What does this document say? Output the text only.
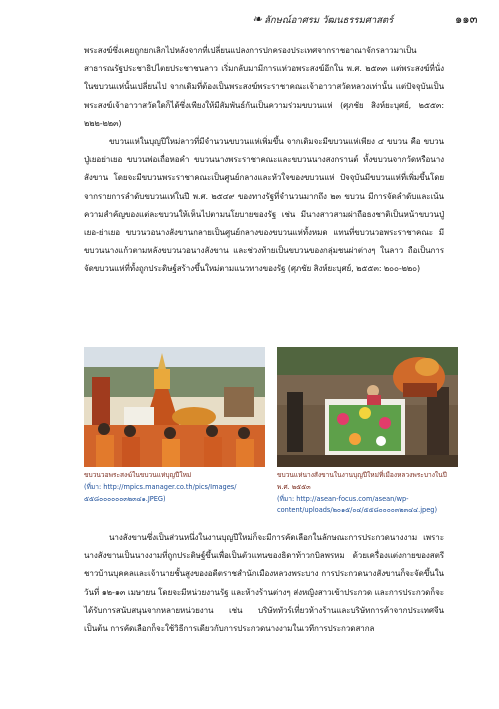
❧ ลักษณ์อาศรม วัฒนธรรมศาสตร์	๑๑๓

พระสงฆ์ซึ่งเคยถูกยกเลิกไปหลังจากที่เปลี่ยนแปลงการปกครองประเทศจากราชอาณาจักรลาวมาเป็นสาธารณรัฐประชาธิปไตยประชาชนลาว เริ่มกลับมามีการแห่วอพระสงฆ์อีกใน พ.ศ. ๒๕๓๓ แต่พระสงฆ์ที่นั่งในขบวนแห่นั้นเปลี่ยนไป จากเดิมที่ต้องเป็นพระสงฆ์พระราชาคณะเจ้าอาวาสวัดหลวงเท่านั้น แต่ปัจจุบันเป็นพระสงฆ์เจ้าอาวาสวัดใดก็ได้ซึ่งเพียงให้มีสัมพันธ์กันเป็นความร่วมขบวนแห่ (ศุภชัย สิงห์ยะบุศย์, ๒๕๕๓: ๒๒๒-๒๒๓)

ขบวนแห่ในบุญปีใหม่ลาวที่มีจำนวนขบวนแห่เพิ่มขึ้น จากเดิมจะมีขบวนแห่เพียง ๔ ขบวน คือ ขบวนปู่เยอย่าเยอ ขบวนพ่อเถื่อหอคำ ขบวนนางพระราชาคณะและขบวนนางสงกรานต์ ทั้งขบวนจากวัดหรือนางสังขาน โดยจะมีขบวนพระราชาคณะเป็นศูนย์กลางและหัวใจของขบวนแห่ ปัจจุบันมีขบวนแห่ที่เพิ่มขึ้นโดยจากรายการลำดับขบวนแห่ในปี พ.ศ. ๒๕๔๙ ของทางรัฐที่จำนวนมากถึง ๒๓ ขบวน มีการจัดลำดับและเน้นความสำคัญของแต่ละขบวนให้เห็นไปตามนโยบายของรัฐ เช่น มีนางสาวสามผ่าถือธงชาติเป็นหน้าขบวนปู่เยอ-ย่าเยอ ขบวนวอนางสังขานกลายเป็นศูนย์กลางของขบวนแห่ทั้งหมด แทนที่ขบวนวอพระราชาคณะ มีขบวนนางแก้วตามหลังขบวนวอนางสังขาน และช่วงท้ายเป็นขบวนของกลุ่มชนผ่าต่างๆ ในลาว ถือเป็นการจัดขบวนแห่ที่ทั้งถูกประดิษฐ์สร้างขึ้นใหม่ตามแนวทางของรัฐ (ศุภชัย สิงห์ยะบุศย์, ๒๕๕๓: ๒๐๐-๒๒๐)

ขบวนวอพระสงฆ์ในขบวนแห่บุญปีใหม่
(ที่มา: http://mpics.manager.co.th/pics/Images/๕๕๘๐๐๐๐๐๐๓๒๓๔๑.JPEG)
ขบวนแห่นางสังขานในงานบุญปีใหม่ที่เมืองหลวงพระบางในปี พ.ศ. ๒๕๕๓
(ที่มา: http://asean-focus.com/asean/wp-content/uploads/๒๐๑๕/๐๔/๕๕๘๐๐๐๐๓๒๓๔๔.jpeg)

นางสังขานซึ่งเป็นส่วนหนึ่งในงานบุญปีใหม่ก็จะมีการคัดเลือกในลักษณะการประกวดนางงาม เพราะนางสังขานเป็นนางงามที่ถูกประดิษฐ์ขึ้นเพื่อเป็นตัวแทนของธิดาท้าวกบิลพรหม ด้วยเครื่องแต่งกายของสตรีชาวบ้านบุคคลและเจ้านายชั้นสูงของอดีตราชสำนักเมืองหลวงพระบาง การประกวดนางสังขานก็จะจัดขึ้นในวันที่ ๑๒-๑๓ เมษายน โดยจะมีหน่วยงานรัฐ และห้างร้านต่างๆ ส่งหญิงสาวเข้าประกวด และการประกวดก็จะได้รับการสนับสนุนจากหลายหน่วยงาน เช่น บริษัททัวร์เที่ยวห้างร้านและบริษัทการค้าจากประเทศจีน เป็นต้น การคัดเลือกก็จะใช้วิธีการเดียวกับการประกวดนางงามในเวทีการประกวดสากล
